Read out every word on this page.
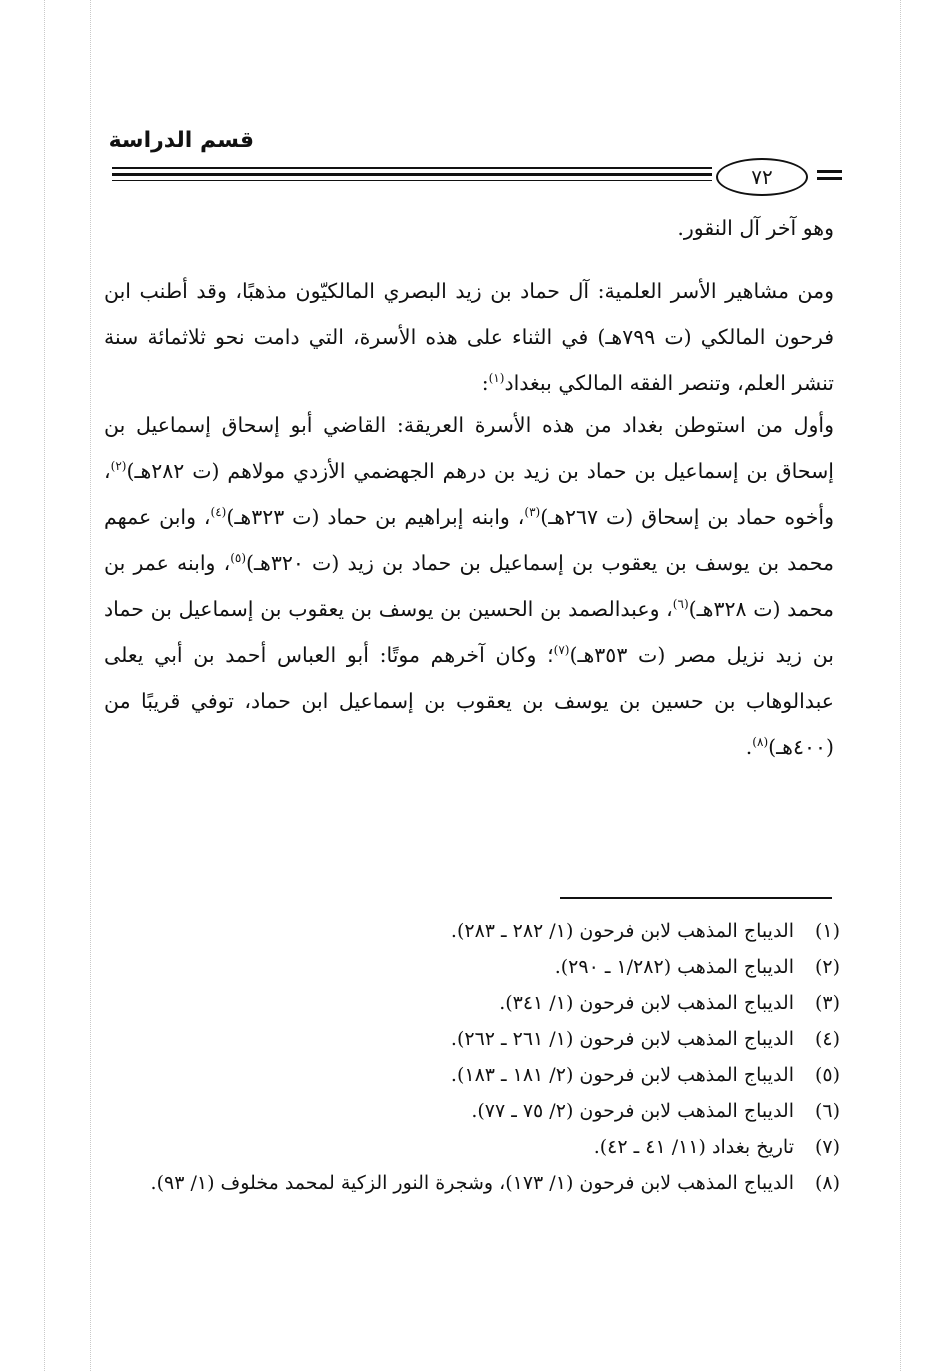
قسم الدراسة
٧٢

وهو آخر آل النقور.

ومن مشاهير الأسر العلمية: آل حماد بن زيد البصري المالكيّون مذهبًا، وقد أطنب ابن فرحون المالكي (ت ٧٩٩هـ) في الثناء على هذه الأسرة، التي دامت نحو ثلاثمائة سنة تنشر العلم، وتنصر الفقه المالكي ببغداد$^{(١)}$:

وأول من استوطن بغداد من هذه الأسرة العريقة: القاضي أبو إسحاق إسماعيل بن إسحاق بن إسماعيل بن حماد بن زيد بن درهم الجهضمي الأزدي مولاهم (ت ٢٨٢هـ)$^{(٢)}$، وأخوه حماد بن إسحاق (ت ٢٦٧هـ)$^{(٣)}$، وابنه إبراهيم بن حماد (ت ٣٢٣هـ)$^{(٤)}$، وابن عمهم محمد بن يوسف بن يعقوب بن إسماعيل بن حماد بن زيد (ت ٣٢٠هـ)$^{(٥)}$، وابنه عمر بن محمد (ت ٣٢٨هـ)$^{(٦)}$، وعبدالصمد بن الحسين بن يوسف بن يعقوب بن إسماعيل بن حماد بن زيد نزيل مصر (ت ٣٥٣هـ)$^{(٧)}$؛ وكان آخرهم موتًا: أبو العباس أحمد بن أبي يعلى عبدالوهاب بن حسين بن يوسف بن يعقوب بن إسماعيل ابن حماد، توفي قريبًا من (٤٠٠هـ)$^{(٨)}$.

(١)
الديباج المذهب لابن فرحون (١/ ٢٨٢ ـ ٢٨٣).
(٢)
الديباج المذهب (١/٢٨٢ ـ ٢٩٠).
(٣)
الديباج المذهب لابن فرحون (١/ ٣٤١).
(٤)
الديباج المذهب لابن فرحون (١/ ٢٦١ ـ ٢٦٢).
(٥)
الديباج المذهب لابن فرحون (٢/ ١٨١ ـ ١٨٣).
(٦)
الديباج المذهب لابن فرحون (٢/ ٧٥ ـ ٧٧).
(٧)
تاريخ بغداد (١١/ ٤١ ـ ٤٢).
(٨)
الديباج المذهب لابن فرحون (١/ ١٧٣)، وشجرة النور الزكية لمحمد مخلوف (١/ ٩٣).
